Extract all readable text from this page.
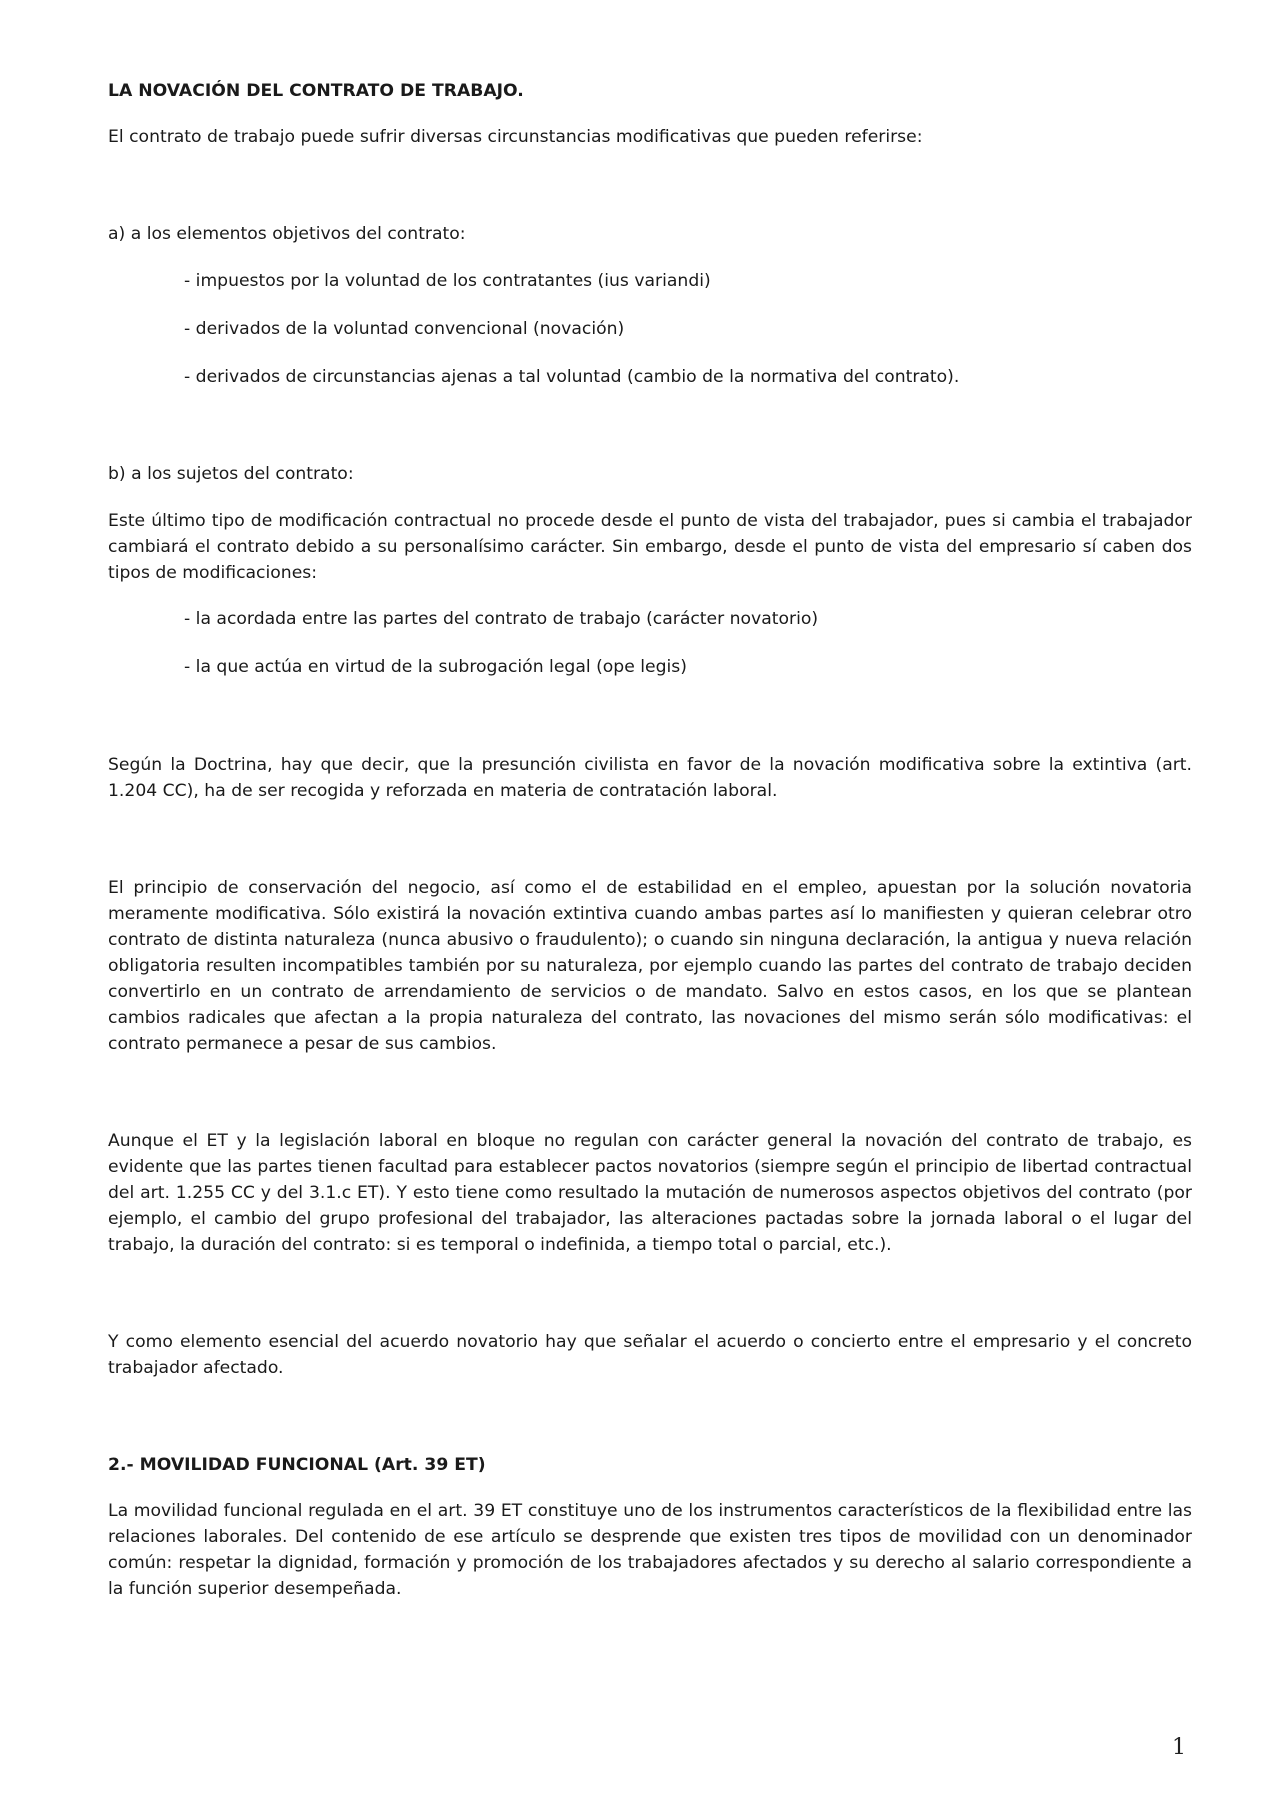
LA NOVACIÓN DEL CONTRATO DE TRABAJO.

El contrato de trabajo puede sufrir diversas circunstancias modificativas que pueden referirse:

a) a los elementos objetivos del contrato:

- impuestos por la voluntad de los contratantes (ius variandi)

- derivados de la voluntad convencional (novación)

- derivados de circunstancias ajenas a tal voluntad (cambio de la normativa del contrato).

b) a los sujetos del contrato:

Este último tipo de modificación contractual no procede desde el punto de vista del trabajador, pues si cambia el trabajador cambiará el contrato debido a su personalísimo carácter. Sin embargo, desde el punto de vista del empresario sí caben dos tipos de modificaciones:

- la acordada entre las partes del contrato de trabajo (carácter novatorio)

- la que actúa en virtud de la subrogación legal (ope legis)

Según la Doctrina, hay que decir, que la presunción civilista en favor de la novación modificativa sobre la extintiva (art. 1.204 CC), ha de ser recogida y reforzada en materia de contratación laboral.

El principio de conservación del negocio, así como el de estabilidad en el empleo, apuestan por la solución novatoria meramente modificativa. Sólo existirá la novación extintiva cuando ambas partes así lo manifiesten y quieran celebrar otro contrato de distinta naturaleza (nunca abusivo o fraudulento); o cuando sin ninguna declaración, la antigua y nueva relación obligatoria resulten incompatibles también por su naturaleza, por ejemplo cuando las partes del contrato de trabajo deciden convertirlo en un contrato de arrendamiento de servicios o de mandato. Salvo en estos casos, en los que se plantean cambios radicales que afectan a la propia naturaleza del contrato, las novaciones del mismo serán sólo modificativas: el contrato permanece a pesar de sus cambios.

Aunque el ET y la legislación laboral en bloque no regulan con carácter general la novación del contrato de trabajo, es evidente que las partes tienen facultad para establecer pactos novatorios (siempre según el principio de libertad contractual del art. 1.255 CC y del 3.1.c ET). Y esto tiene como resultado la mutación de numerosos aspectos objetivos del contrato (por ejemplo, el cambio del grupo profesional del trabajador, las alteraciones pactadas sobre la jornada laboral o el lugar del trabajo, la duración del contrato: si es temporal o indefinida, a tiempo total o parcial, etc.).

Y como elemento esencial del acuerdo novatorio hay que señalar el acuerdo o concierto entre el empresario y el concreto trabajador afectado.

2.- MOVILIDAD FUNCIONAL (Art. 39 ET)

La movilidad funcional regulada en el art. 39 ET constituye uno de los instrumentos característicos de la flexibilidad entre las relaciones laborales. Del contenido de ese artículo se desprende que existen tres tipos de movilidad con un denominador común: respetar la dignidad, formación y promoción de los trabajadores afectados y su derecho al salario correspondiente a la función superior desempeñada.

1
